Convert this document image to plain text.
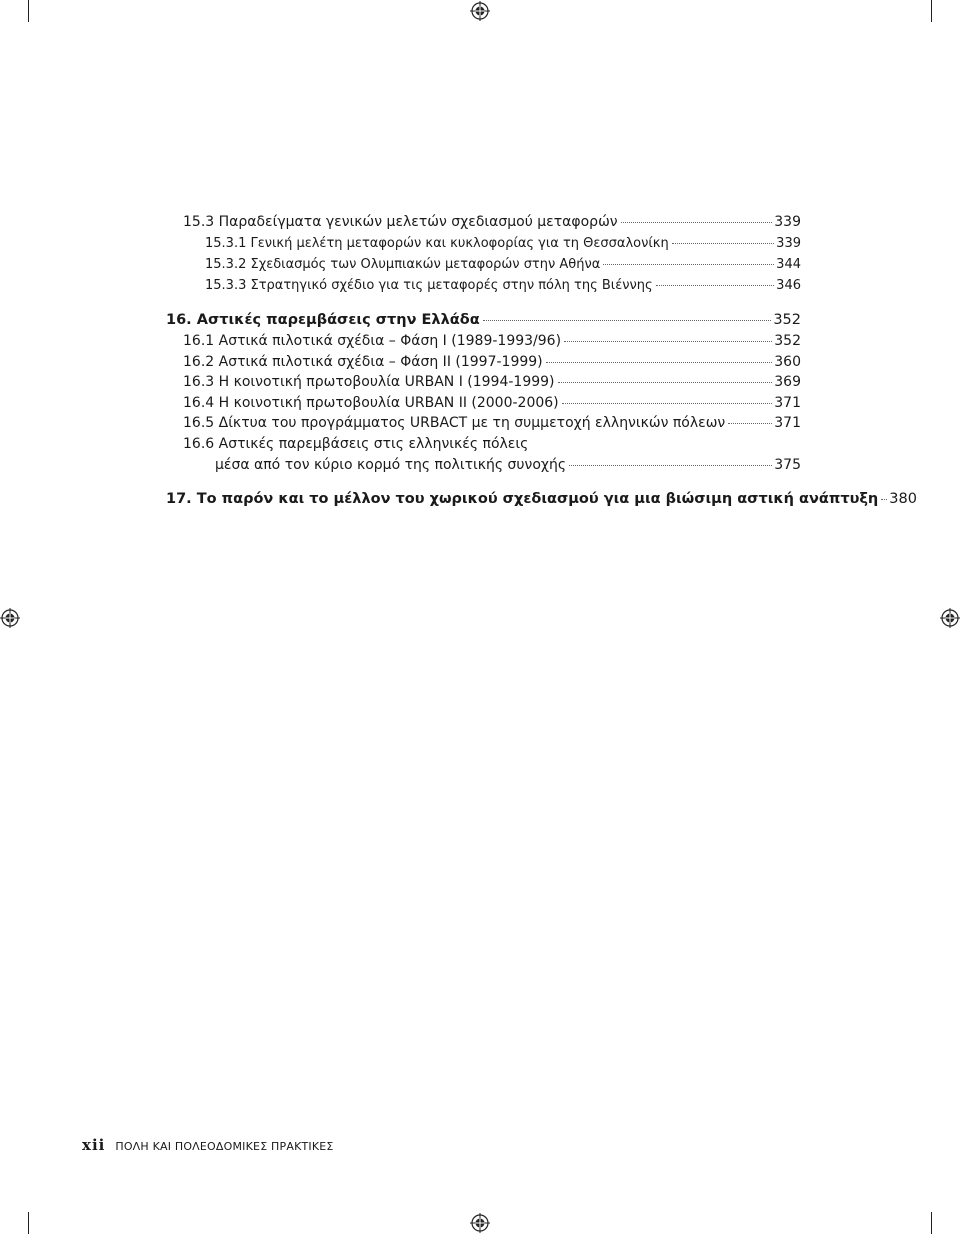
15.3 Παραδείγματα γενικών μελετών σχεδιασμού μεταφορών	339
15.3.1 Γενική μελέτη μεταφορών και κυκλοφορίας για τη Θεσσαλονίκη	339
15.3.2 Σχεδιασμός των Ολυμπιακών μεταφορών στην Αθήνα	344
15.3.3 Στρατηγικό σχέδιο για τις μεταφορές στην πόλη της Βιέννης	346
16. Αστικές παρεμβάσεις στην Ελλάδα	352
16.1 Αστικά πιλοτικά σχέδια – Φάση Ι (1989-1993/96)	352
16.2 Αστικά πιλοτικά σχέδια – Φάση ΙΙ (1997-1999)	360
16.3 Η κοινοτική πρωτοβουλία URBAN I (1994-1999)	369
16.4 Η κοινοτική πρωτοβουλία URBAN II (2000-2006)	371
16.5 Δίκτυα του προγράμματος URBACT με τη συμμετοχή ελληνικών πόλεων	371
16.6 Αστικές παρεμβάσεις στις ελληνικές πόλεις
μέσα από τον κύριο κορμό της πολιτικής συνοχής	375
17. Το παρόν και το μέλλον του χωρικού σχεδιασμού για μια βιώσιμη αστική ανάπτυξη 380
xii ΠΟΛΗ ΚΑΙ ΠΟΛΕΟΔΟΜΙΚΕΣ ΠΡΑΚΤΙΚΕΣ
